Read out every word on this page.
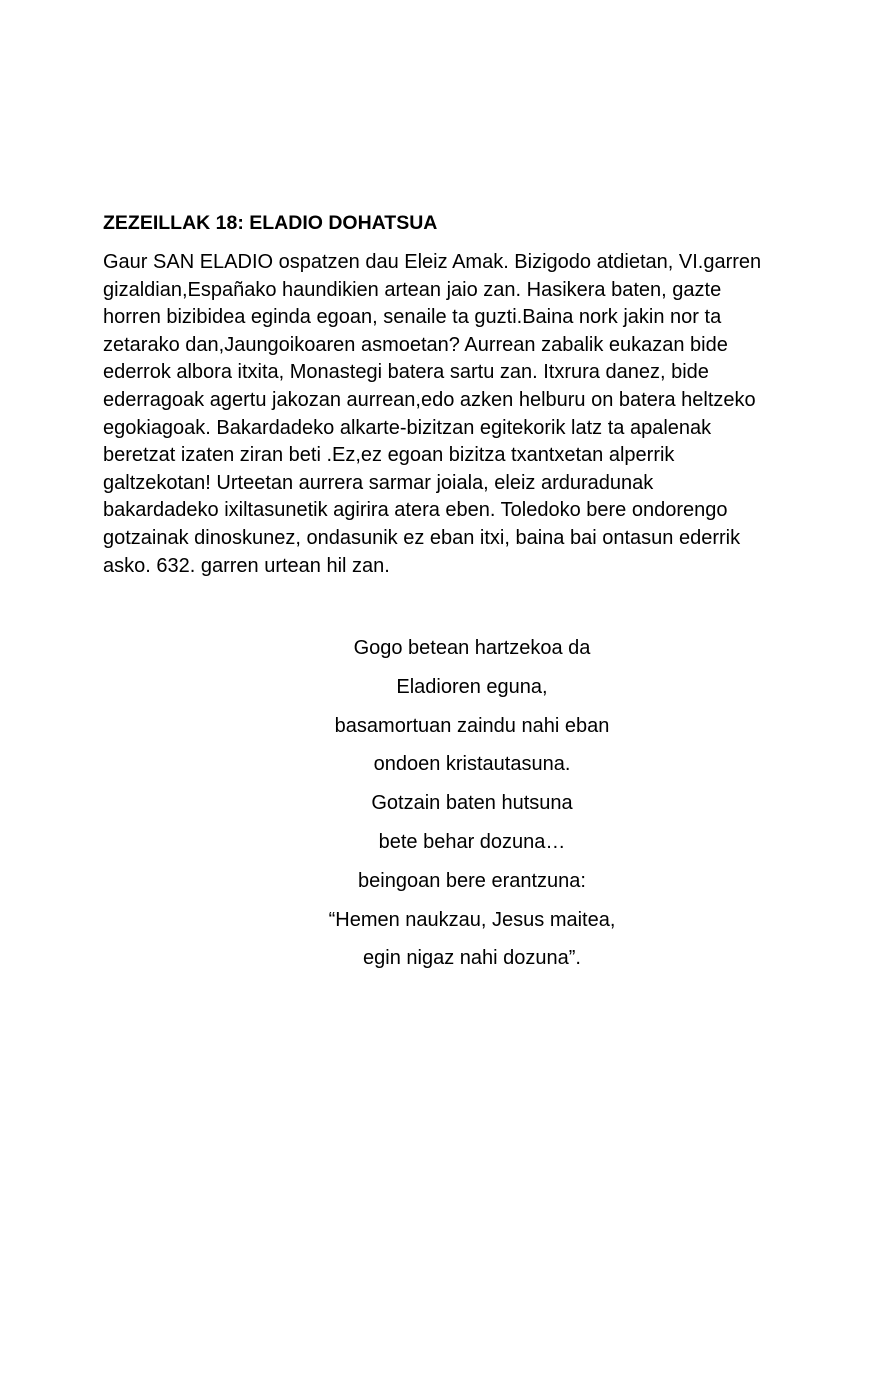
ZEZEILLAK 18: ELADIO DOHATSUA
Gaur SAN ELADIO ospatzen dau Eleiz Amak. Bizigodo atdietan, VI.garren
gizaldian,Españako haundikien artean jaio zan. Hasikera baten, gazte
horren bizibidea eginda egoan, senaile ta guzti.Baina nork jakin nor ta
zetarako dan,Jaungoikoaren asmoetan? Aurrean zabalik eukazan bide
ederrok albora itxita, Monastegi batera sartu zan. Itxrura danez, bide
ederragoak agertu jakozan aurrean,edo azken helburu on batera heltzeko
egokiagoak. Bakardadeko alkarte-bizitzan egitekorik latz ta apalenak
beretzat izaten ziran beti .Ez,ez egoan bizitza txantxetan alperrik
galtzekotan! Urteetan aurrera sarmar joiala, eleiz arduradunak
bakardadeko ixiltasunetik agirira atera eben. Toledoko bere ondorengo
gotzainak dinoskunez, ondasunik ez eban itxi, baina bai ontasun ederrik
asko. 632. garren urtean hil zan.
Gogo betean hartzekoa da
Eladioren eguna,
basamortuan zaindu nahi eban
ondoen kristautasuna.
Gotzain baten hutsuna
bete behar dozuna…
beingoan bere erantzuna:
“Hemen naukzau, Jesus maitea,
egin nigaz nahi dozuna”.
